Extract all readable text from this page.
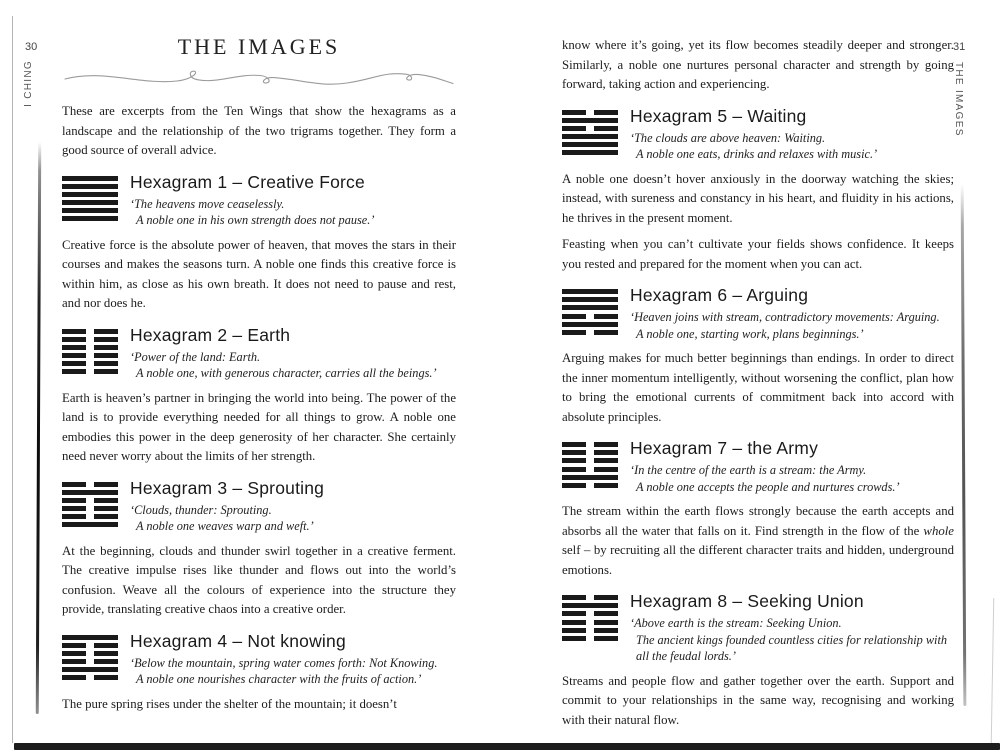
30	31
I CHING	THE IMAGES
THE IMAGES

These are excerpts from the Ten Wings that show the hexagrams as a landscape and the relationship of the two trigrams together. They form a good source of overall advice.

Hexagram 1 – Creative Force
‘The heavens move ceaselessly.
A noble one in his own strength does not pause.’

Creative force is the absolute power of heaven, that moves the stars in their courses and makes the seasons turn. A noble one finds this creative force is within him, as close as his own breath. It does not need to pause and rest, and nor does he.

Hexagram 2 – Earth
‘Power of the land: Earth.
A noble one, with generous character, carries all the beings.’

Earth is heaven’s partner in bringing the world into being. The power of the land is to provide everything needed for all things to grow. A noble one embodies this power in the deep generosity of her character. She certainly need never worry about the limits of her strength.

Hexagram 3 – Sprouting
‘Clouds, thunder: Sprouting.
A noble one weaves warp and weft.’

At the beginning, clouds and thunder swirl together in a creative ferment. The creative impulse rises like thunder and flows out into the world’s confusion. Weave all the colours of experience into the structure they provide, translating creative chaos into a creative order.

Hexagram 4 – Not knowing
‘Below the mountain, spring water comes forth: Not Knowing.
A noble one nourishes character with the fruits of action.’

The pure spring rises under the shelter of the mountain; it doesn’t

know where it’s going, yet its flow becomes steadily deeper and stronger. Similarly, a noble one nurtures personal character and strength by going forward, taking action and experiencing.

Hexagram 5 – Waiting
‘The clouds are above heaven: Waiting.
A noble one eats, drinks and relaxes with music.’

A noble one doesn’t hover anxiously in the doorway watching the skies; instead, with sureness and constancy in his heart, and fluidity in his actions, he thrives in the present moment.

Feasting when you can’t cultivate your fields shows confidence. It keeps you rested and prepared for the moment when you can act.

Hexagram 6 – Arguing
‘Heaven joins with stream, contradictory movements: Arguing.
A noble one, starting work, plans beginnings.’

Arguing makes for much better beginnings than endings. In order to direct the inner momentum intelligently, without worsening the conflict, plan how to bring the emotional currents of commitment back into accord with absolute principles.

Hexagram 7 – the Army
‘In the centre of the earth is a stream: the Army.
A noble one accepts the people and nurtures crowds.’

The stream within the earth flows strongly because the earth accepts and absorbs all the water that falls on it. Find strength in the flow of the whole self – by recruiting all the different character traits and hidden, underground emotions.

Hexagram 8 – Seeking Union
‘Above earth is the stream: Seeking Union.
The ancient kings founded countless cities for relationship with all the feudal lords.’

Streams and people flow and gather together over the earth. Support and commit to your relationships in the same way, recognising and working with their natural flow.
